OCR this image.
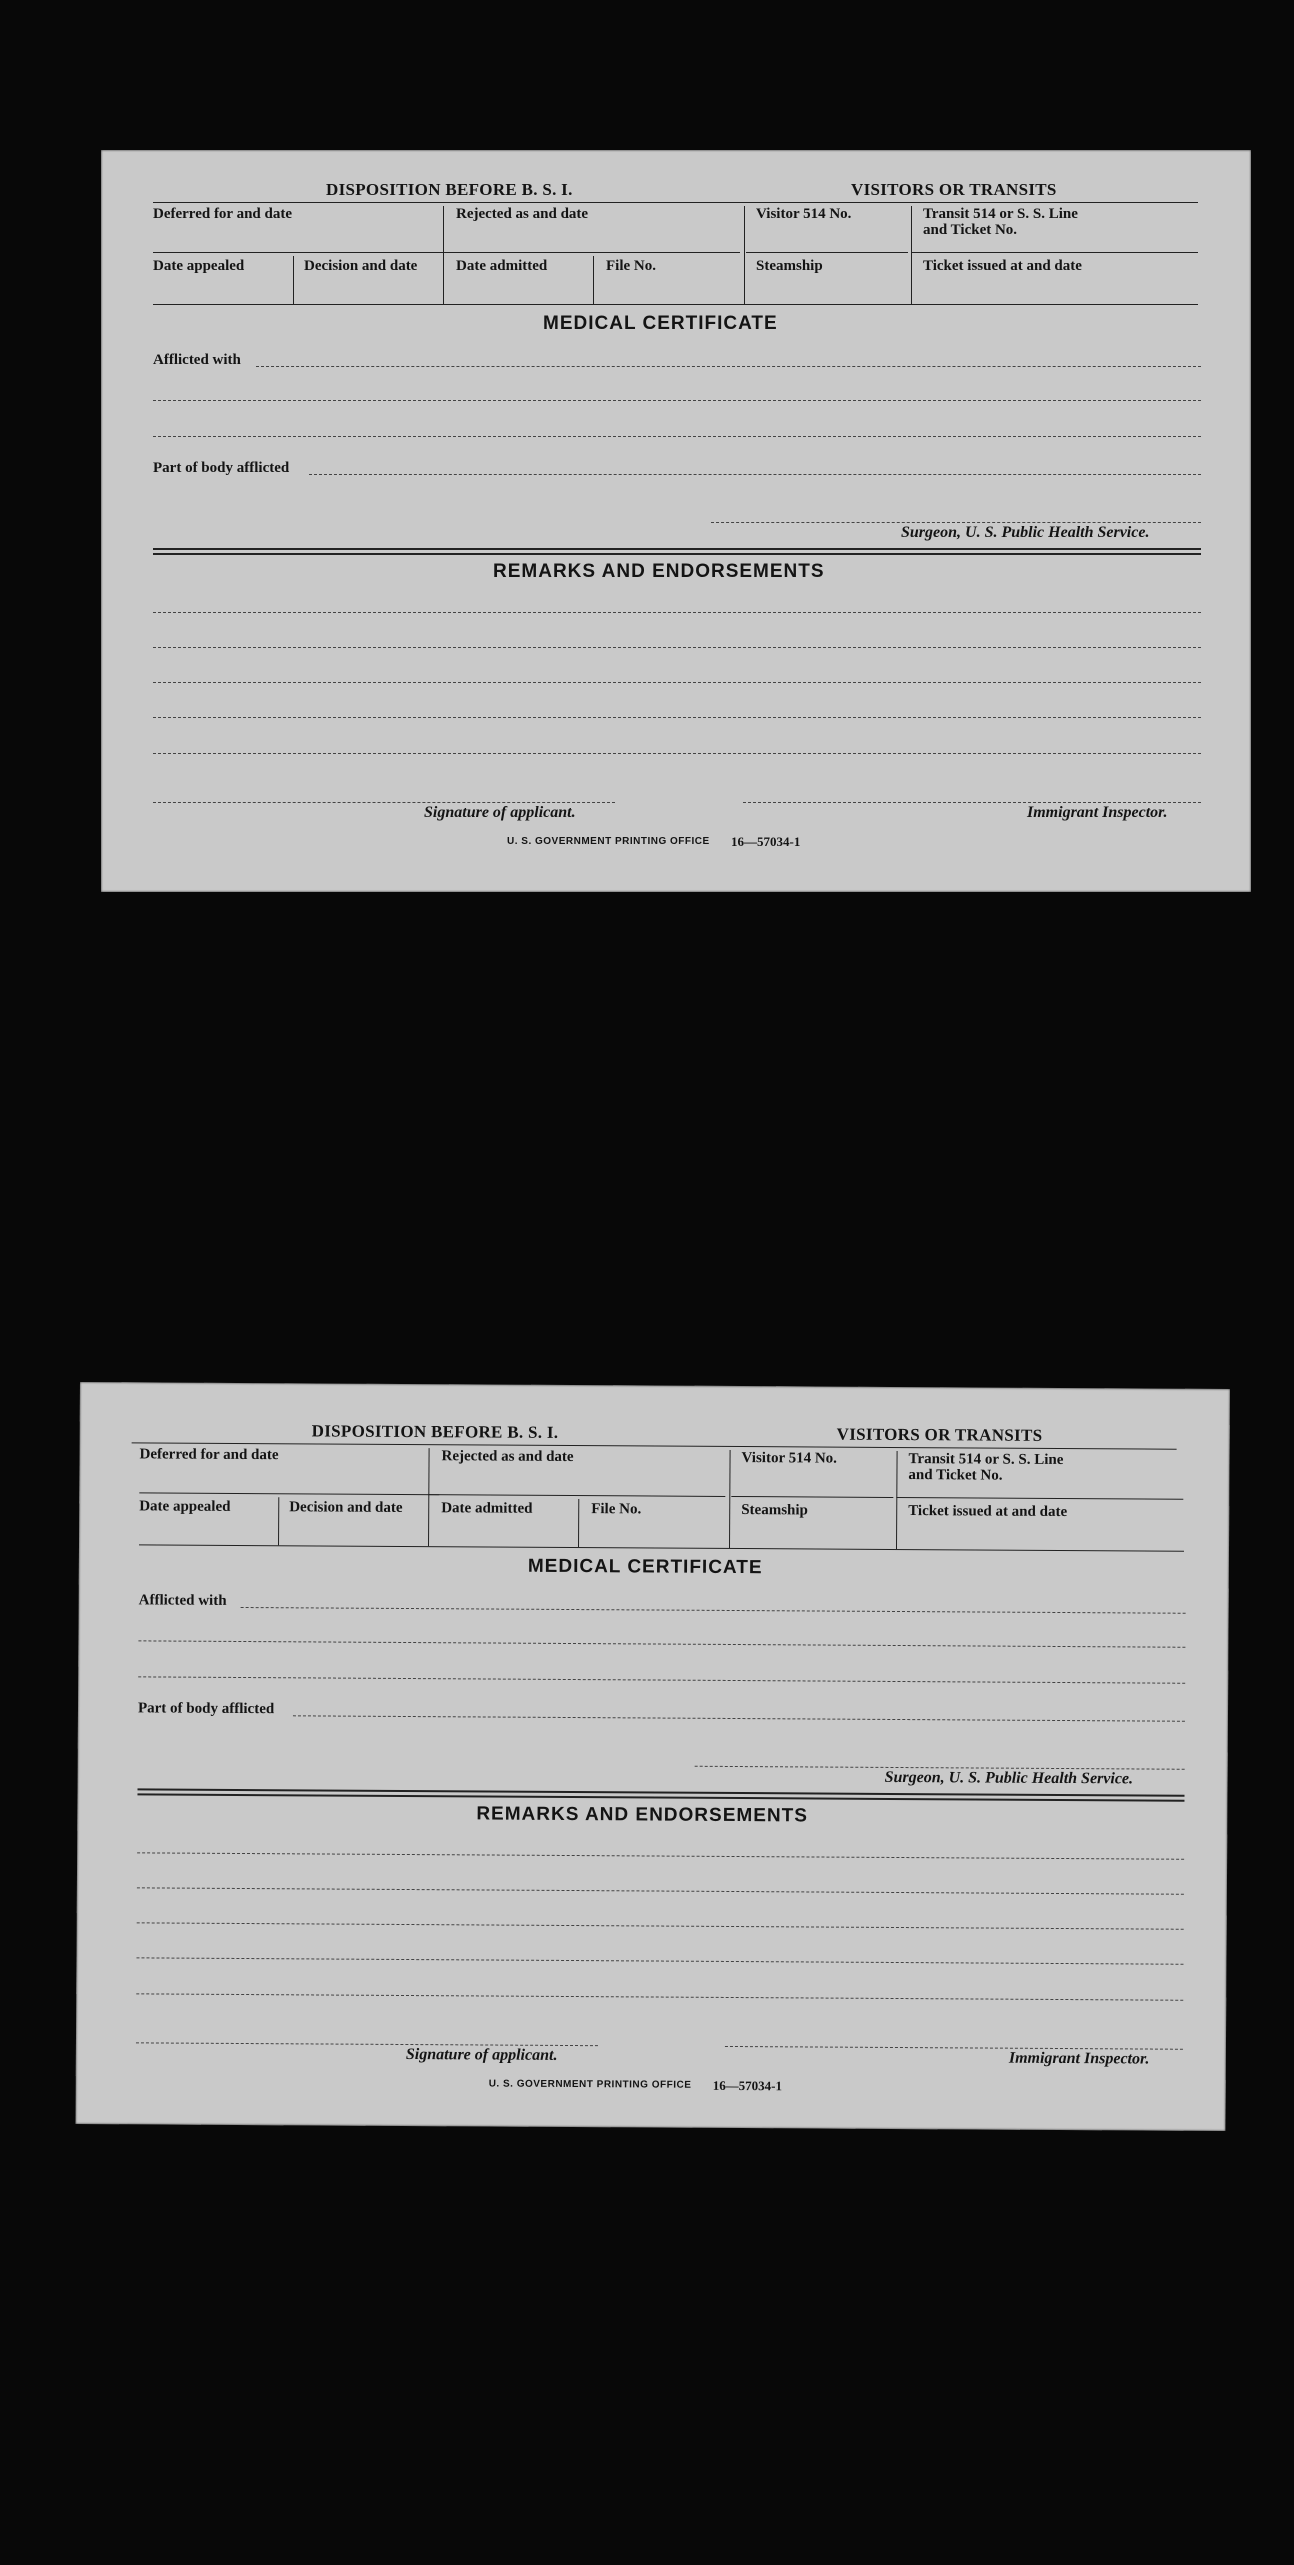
DISPOSITION BEFORE B. S. I.	VISITORS OR TRANSITS
Deferred for and date	Rejected as and date	Visitor 514 No.	Transit 514 or S. S. Line
and Ticket No.
Date appealed	Decision and date	Date admitted	File No.	Steamship	Ticket issued at and date
MEDICAL CERTIFICATE
Afflicted with
Part of body afflicted
Surgeon, U. S. Public Health Service.
REMARKS AND ENDORSEMENTS
Signature of applicant.	Immigrant Inspector.
U. S. GOVERNMENT PRINTING OFFICE 16—57034-1
DISPOSITION BEFORE B. S. I.	VISITORS OR TRANSITS
Deferred for and date	Rejected as and date	Visitor 514 No.	Transit 514 or S. S. Line
and Ticket No.
Date appealed	Decision and date	Date admitted	File No.	Steamship	Ticket issued at and date
MEDICAL CERTIFICATE
Afflicted with
Part of body afflicted
Surgeon, U. S. Public Health Service.
REMARKS AND ENDORSEMENTS
Signature of applicant.	Immigrant Inspector.
U. S. GOVERNMENT PRINTING OFFICE 16—57034-1
